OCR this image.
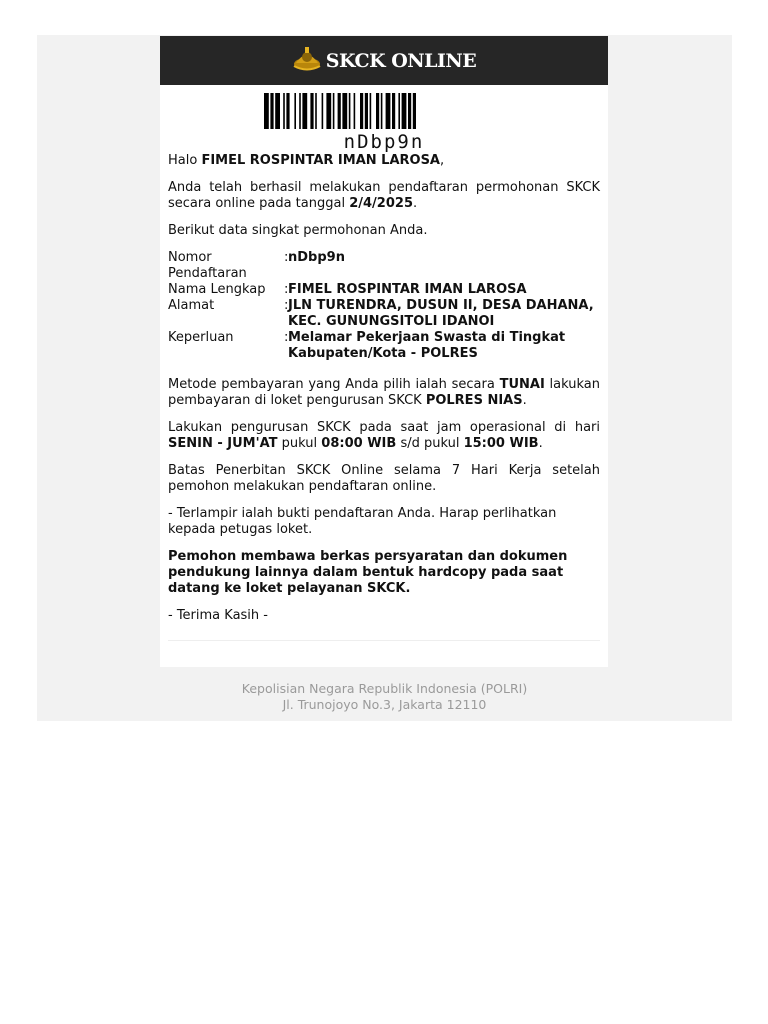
SKCK ONLINE
nDbp9n

Halo FIMEL ROSPINTAR IMAN LAROSA,

Anda telah berhasil melakukan pendaftaran permohonan SKCK secara online pada tanggal 2/4/2025.

Berikut data singkat permohonan Anda.

Nomor Pendaftaran
: nDbp9n
Nama Lengkap	: FIMEL ROSPINTAR IMAN LAROSA
Alamat	: JLN TURENDRA, DUSUN II, DESA DAHANA, KEC. GUNUNGSITOLI IDANOI
Keperluan	: Melamar Pekerjaan Swasta di Tingkat Kabupaten/Kota - POLRES

Metode pembayaran yang Anda pilih ialah secara TUNAI lakukan pembayaran di loket pengurusan SKCK POLRES NIAS.

Lakukan pengurusan SKCK pada saat jam operasional di hari SENIN - JUM'AT pukul 08:00 WIB s/d pukul 15:00 WIB.

Batas Penerbitan SKCK Online selama 7 Hari Kerja setelah pemohon melakukan pendaftaran online.

- Terlampir ialah bukti pendaftaran Anda. Harap perlihatkan kepada petugas loket.

Pemohon membawa berkas persyaratan dan dokumen pendukung lainnya dalam bentuk hardcopy pada saat datang ke loket pelayanan SKCK.

- Terima Kasih -

Kepolisian Negara Republik Indonesia (POLRI)
Jl. Trunojoyo No.3, Jakarta 12110
